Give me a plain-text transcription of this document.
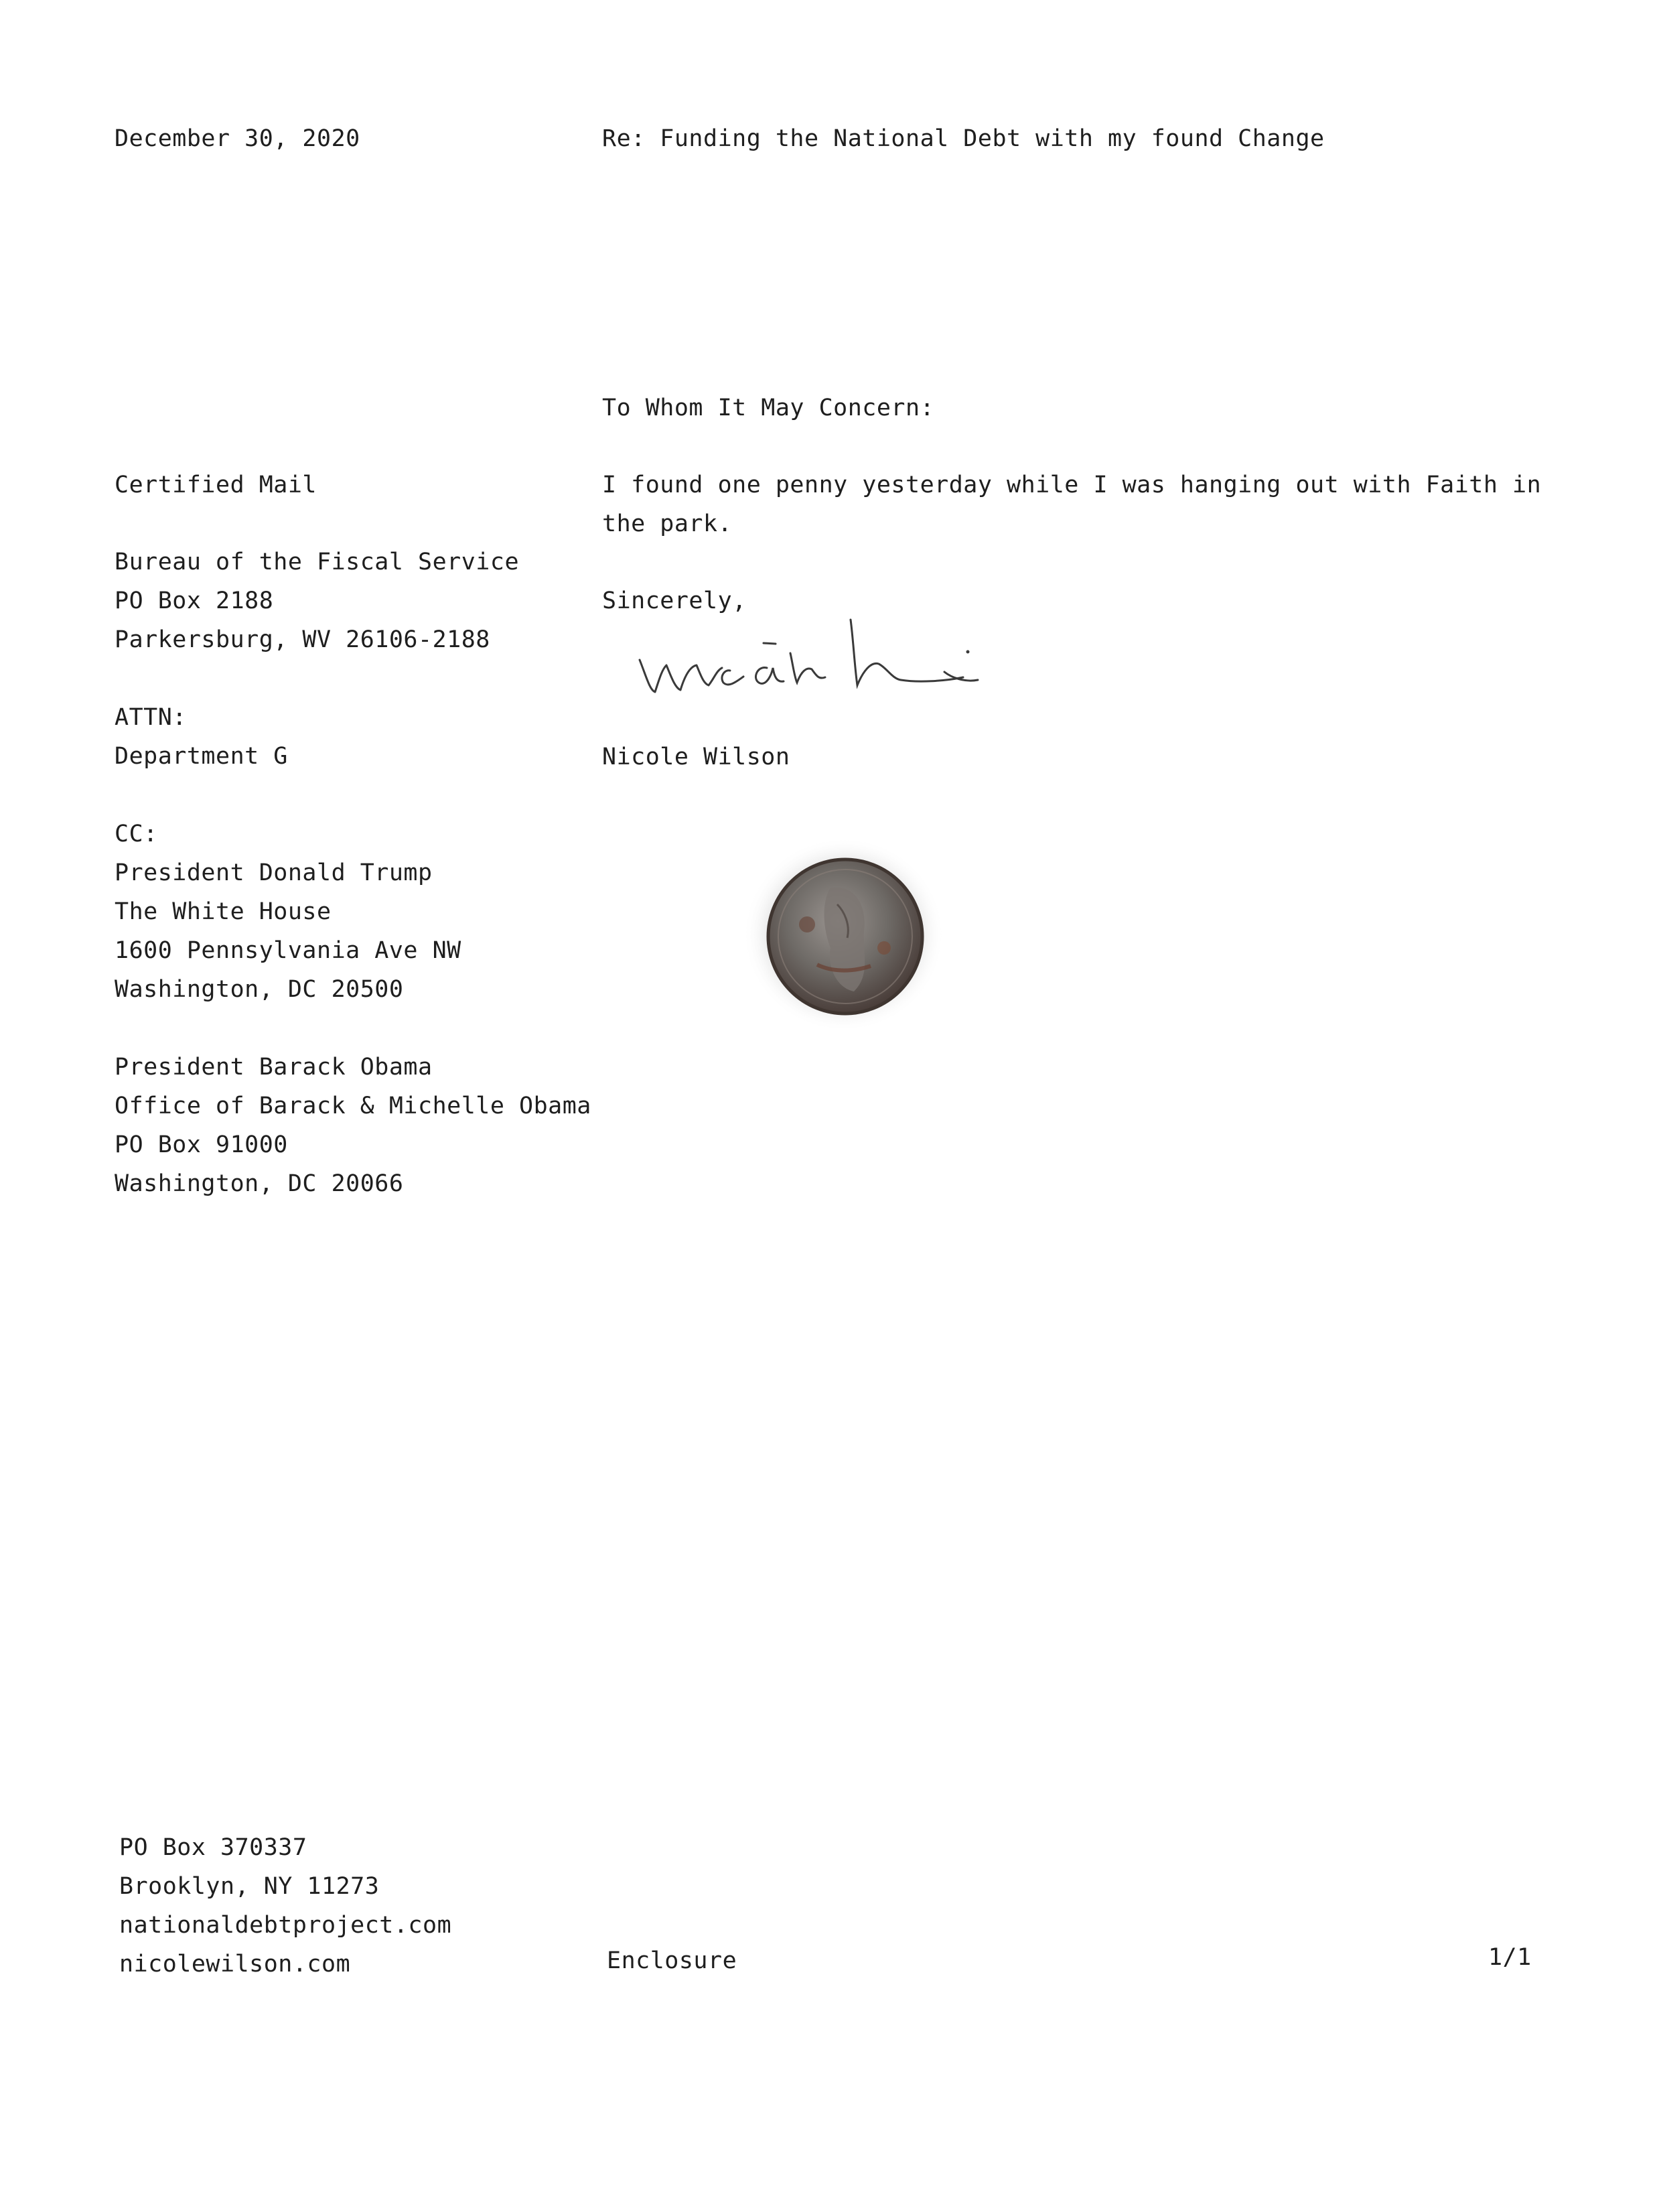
December 30, 2020	Re: Funding the National Debt with my found Change
Certified Mail
Bureau of the Fiscal Service
PO Box 2188
Parkersburg, WV 26106-2188
ATTN:
Department G
CC:
President Donald Trump
The White House
1600 Pennsylvania Ave NW
Washington, DC 20500
President Barack Obama
Office of Barack & Michelle Obama
PO Box 91000
Washington, DC 20066
To Whom It May Concern:
I found one penny yesterday while I was hanging out with Faith in
the park.
Sincerely,
Nicole Wilson
PO Box 370337
Brooklyn, NY 11273
nationaldebtproject.com
nicolewilson.com	Enclosure	1/1
